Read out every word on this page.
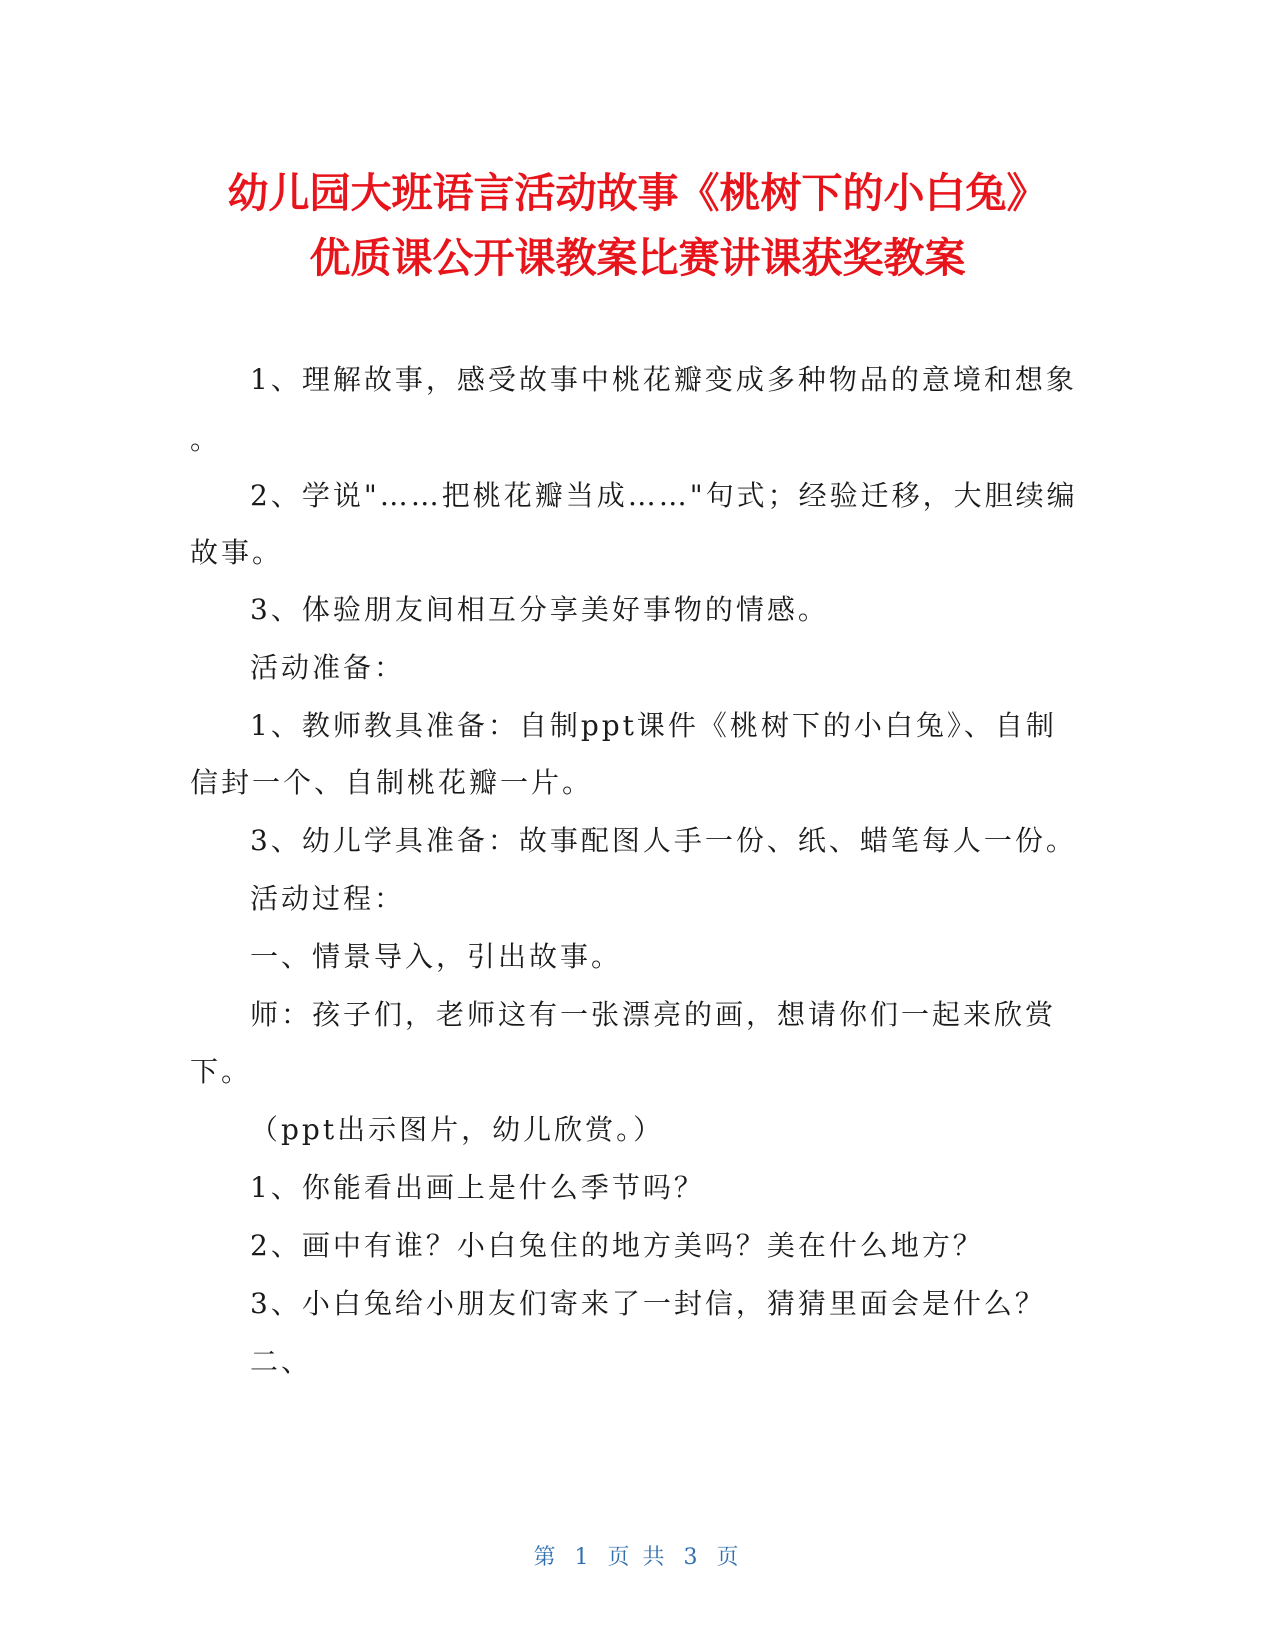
幼儿园大班语言活动故事《桃树下的小白兔》
优质课公开课教案比赛讲课获奖教案
1、理解故事，感受故事中桃花瓣变成多种物品的意境和想象
。
2、学说"……把桃花瓣当成……"句式；经验迁移，大胆续编
故事。
3、体验朋友间相互分享美好事物的情感。
活动准备：
1、教师教具准备：自制ppt课件《桃树下的小白兔》、自制
信封一个、自制桃花瓣一片。
3、幼儿学具准备：故事配图人手一份、纸、蜡笔每人一份。
活动过程：
一、情景导入，引出故事。
师：孩子们，老师这有一张漂亮的画，想请你们一起来欣赏
下。
（ppt出示图片，幼儿欣赏。）
1、你能看出画上是什么季节吗？
2、画中有谁？小白兔住的地方美吗？美在什么地方？
3、小白兔给小朋友们寄来了一封信，猜猜里面会是什么？
二、
第 1 页 共 3 页
